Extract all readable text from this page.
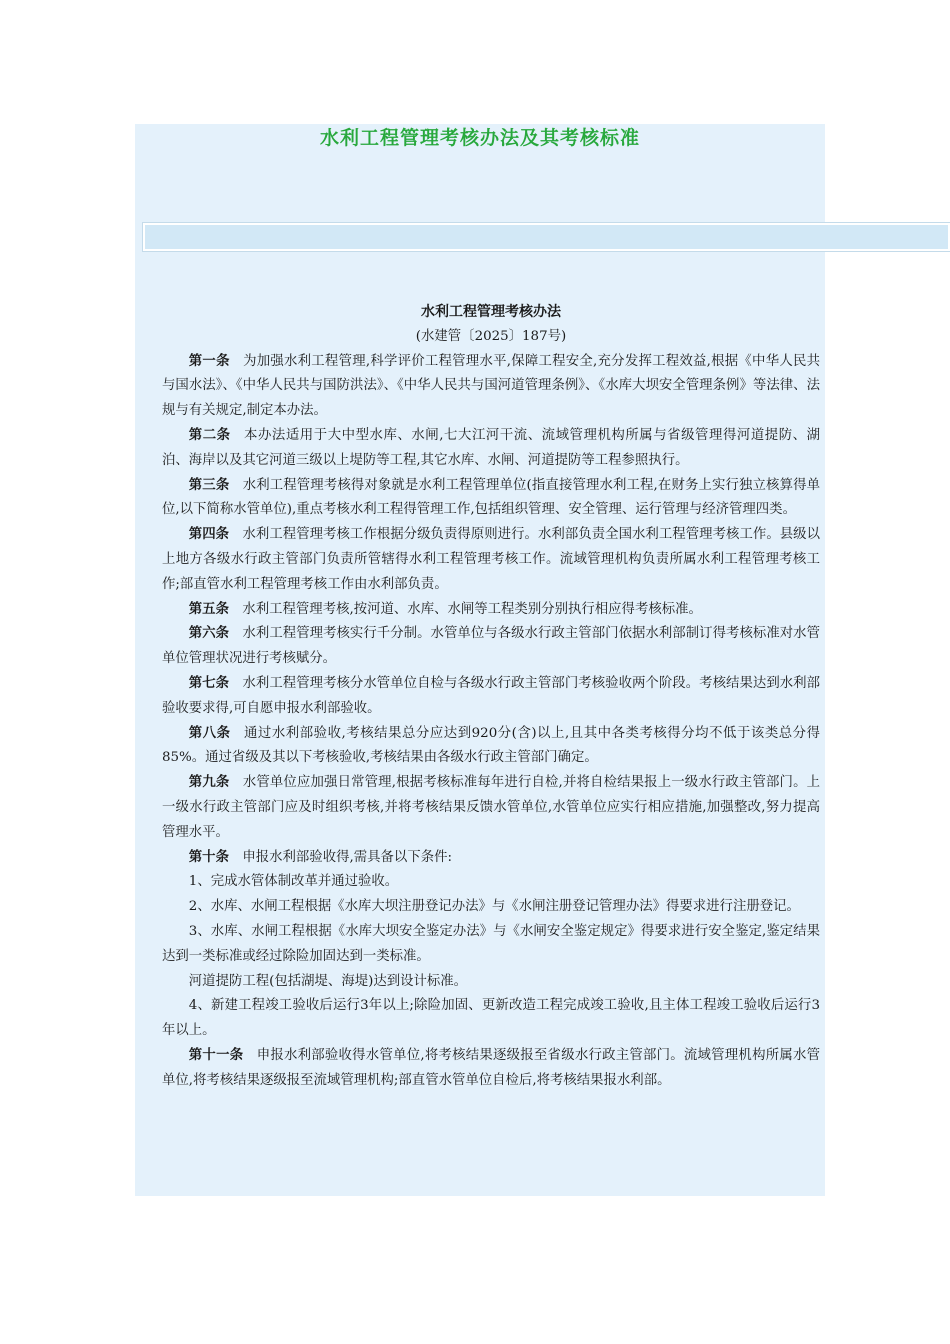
水利工程管理考核办法及其考核标准
水利工程管理考核办法
(水建管〔2025〕187号)

第一条 为加强水利工程管理,科学评价工程管理水平,保障工程安全,充分发挥工程效益,根据《中华人民共与国水法》、《中华人民共与国防洪法》、《中华人民共与国河道管理条例》、《水库大坝安全管理条例》等法律、法规与有关规定,制定本办法。

第二条 本办法适用于大中型水库、水闸,七大江河干流、流域管理机构所属与省级管理得河道提防、湖泊、海岸以及其它河道三级以上堤防等工程,其它水库、水闸、河道提防等工程参照执行。

第三条 水利工程管理考核得对象就是水利工程管理单位(指直接管理水利工程,在财务上实行独立核算得单位,以下简称水管单位),重点考核水利工程得管理工作,包括组织管理、安全管理、运行管理与经济管理四类。

第四条 水利工程管理考核工作根据分级负责得原则进行。水利部负责全国水利工程管理考核工作。县级以上地方各级水行政主管部门负责所管辖得水利工程管理考核工作。流域管理机构负责所属水利工程管理考核工作;部直管水利工程管理考核工作由水利部负责。

第五条 水利工程管理考核,按河道、水库、水闸等工程类别分别执行相应得考核标准。

第六条 水利工程管理考核实行千分制。水管单位与各级水行政主管部门依据水利部制订得考核标准对水管单位管理状况进行考核赋分。

第七条 水利工程管理考核分水管单位自检与各级水行政主管部门考核验收两个阶段。考核结果达到水利部验收要求得,可自愿申报水利部验收。

第八条 通过水利部验收,考核结果总分应达到920分(含)以上,且其中各类考核得分均不低于该类总分得85%。通过省级及其以下考核验收,考核结果由各级水行政主管部门确定。

第九条 水管单位应加强日常管理,根据考核标准每年进行自检,并将自检结果报上一级水行政主管部门。上一级水行政主管部门应及时组织考核,并将考核结果反馈水管单位,水管单位应实行相应措施,加强整改,努力提高管理水平。

第十条 申报水利部验收得,需具备以下条件:

1、完成水管体制改革并通过验收。

2、水库、水闸工程根据《水库大坝注册登记办法》与《水闸注册登记管理办法》得要求进行注册登记。

3、水库、水闸工程根据《水库大坝安全鉴定办法》与《水闸安全鉴定规定》得要求进行安全鉴定,鉴定结果达到一类标准或经过除险加固达到一类标准。

河道提防工程(包括湖堤、海堤)达到设计标准。

4、新建工程竣工验收后运行3年以上;除险加固、更新改造工程完成竣工验收,且主体工程竣工验收后运行3年以上。

第十一条 申报水利部验收得水管单位,将考核结果逐级报至省级水行政主管部门。流域管理机构所属水管单位,将考核结果逐级报至流域管理机构;部直管水管单位自检后,将考核结果报水利部。
